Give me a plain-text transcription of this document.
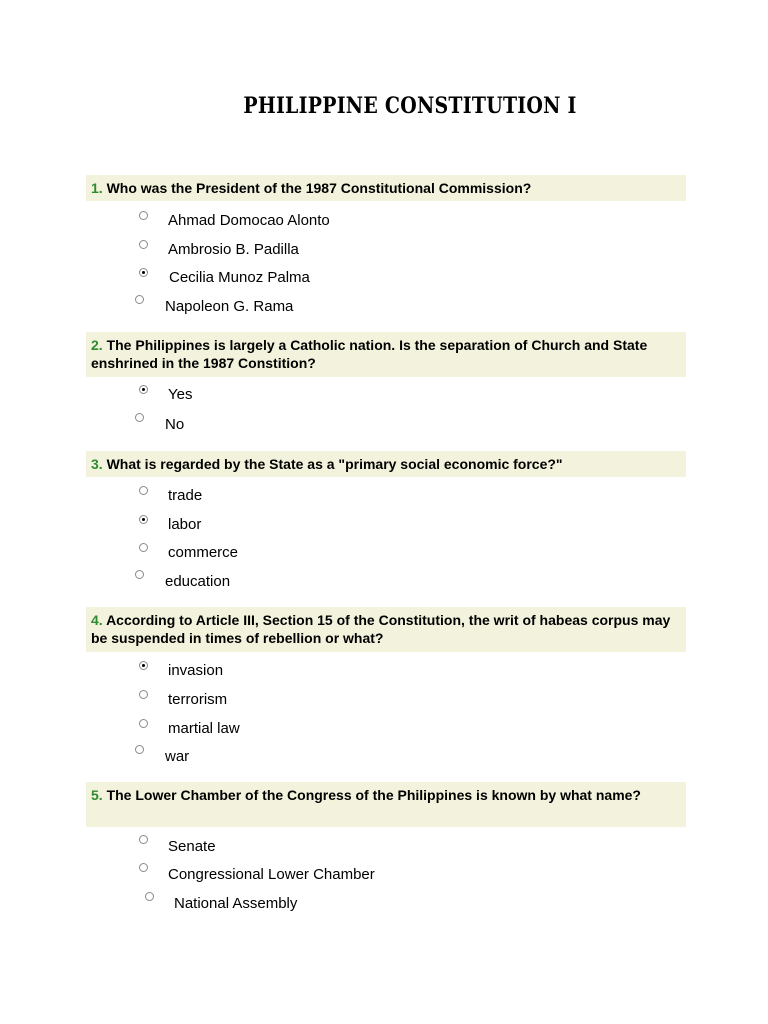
PHILIPPINE CONSTITUTION I
1. Who was the President of the 1987 Constitutional Commission?
Ahmad Domocao Alonto
Ambrosio B. Padilla
Cecilia Munoz Palma
Napoleon G. Rama
2. The Philippines is largely a Catholic nation. Is the separation of Church and State enshrined in the 1987 Constition?
Yes
No
3. What is regarded by the State as a "primary social economic force?"
trade
labor
commerce
education
4. According to Article III, Section 15 of the Constitution, the writ of habeas corpus may be suspended in times of rebellion or what?
invasion
terrorism
martial law
war
5. The Lower Chamber of the Congress of the Philippines is known by what name?
Senate
Congressional Lower Chamber
National Assembly
